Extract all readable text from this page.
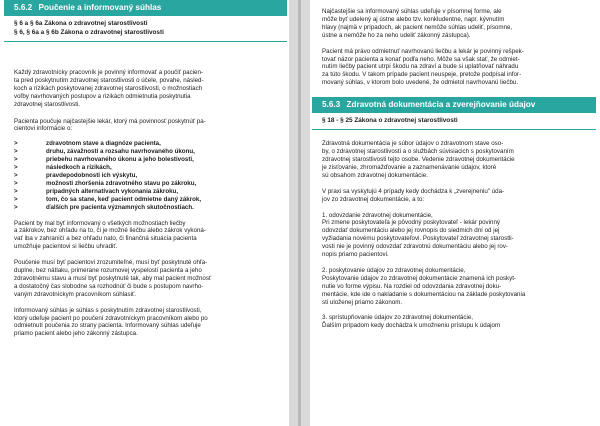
5.6.2 Poučenie a informovaný súhlas
§ 6 a § 6a Zákona o zdravotnej starostlivosti
§ 6, § 6a a § 6b Zákona o zdravotnej starostlivosti
Každý zdravotnícky pracovník je povinný informovať a poučiť pacien-
ta pred poskytnutím zdravotnej starostlivosti o účele, povahe, násled-
koch a rizikách poskytovanej zdravotnej starostlivosti, o možnostiach
voľby navrhovaných postupov a rizikách odmietnutia poskytnutia
zdravotnej starostlivosti.
Pacienta poučuje najčastejšie lekár, ktorý má povinnosť poskytnúť pa-
cientovi informácie o:
>	zdravotnom stave a diagnóze pacienta,
>	druhu, závažnosti a rozsahu navrhovaného úkonu,
>	priebehu navrhovaného úkonu a jeho bolestivosti,
>	následkoch a rizikách,
>	pravdepodobnosti ich výskytu,
>	možnosti zhoršenia zdravotného stavu po zákroku,
>	prípadných alternatívach vykonania zákroku,
>	tom, čo sa stane, keď pacient odmietne daný zákrok,
>	ďalších pre pacienta významných skutočnostiach.
Pacient by mal byť informovaný o všetkých možnostiach liečby
a zákrokov, bez ohľadu na to, či je možné liečbu alebo zákrok vykoná-
vať iba v zahraničí a bez ohľadu nato, či finančná situácia pacienta
umožňuje pacientovi si liečbu uhradiť.
Poučenie musí byť pacientovi zrozumiteľné, musí byť poskytnuté ohľa-
duplne, bez nátlaku, primerane rozumovej vyspelosti pacienta a jeho
zdravotnému stavu a musí byť poskytnuté tak, aby mal pacient možnosť
a dostatočný čas slobodne sa rozhodnúť či bude s postupom navrho-
vaným zdravotníckym pracovníkom súhlasiť.
Informovaný súhlas je súhlas s poskytnutím zdravotnej starostlivosti,
ktorý udeľuje pacient po poučení zdravotníckym pracovníkom alebo po
odmietnutí poučenia zo strany pacienta. Informovaný súhlas udeľuje
priamo pacient alebo jeho zákonný zástupca.
Najčastejšie sa informovaný súhlas udeľuje v písomnej forme, ale
môže byť udelený aj ústne alebo tzv. konkludentne, napr. kývnutím
hlavy (najmä v prípadoch, ak pacient nemôže súhlas udeliť, písomne,
ústne a nemôže ho za neho udeliť zákonný zástupca).
Pacient má právo odmietnuť navrhovanú liečbu a lekár je povinný rešpek-
tovať názor pacienta a konať podľa neho. Môže sa však stať, že odmiet-
nutím liečby pacient utrpí škodu na zdraví a bude si uplatňovať náhradu
za túto škodu. V takom prípade pacient neuspeje, pretože podpísal infor-
movaný súhlas, v ktorom bolo uvedené, že odmietol navrhovanú liečbu.
5.6.3 Zdravotná dokumentácia a zverejňovanie údajov
§ 18 - § 25 Zákona o zdravotnej starostlivosti
Zdravotná dokumentácia je súbor údajov o zdravotnom stave oso-
by, o zdravotnej starostlivosti a o službách súvisiacich s poskytovaním
zdravotnej starostlivosti tejto osobe. Vedenie zdravotnej dokumentácie
je zisťovanie, zhromažďovanie a zaznamenávanie údajov, ktoré
sú obsahom zdravotnej dokumentácie.
V praxi sa vyskytujú 4 prípady kedy dochádza k „zverejneniu" úda-
jov zo zdravotnej dokumentácie, a to:
1. odovzdanie zdravotnej dokumentácie,
Pri zmene poskytovateľa je pôvodný poskytovateľ - lekár povinný
odovzdať dokumentáciu alebo jej rovnopis do siedmich dní od jej
vyžiadania novému poskytovateľovi. Poskytovateľ zdravotnej starostli-
vosti nie je povinný odovzdať zdravotnú dokumentáciu alebo jej rov-
nopis priamo pacientovi.
2. poskytovanie údajov zo zdravotnej dokumentácie,
Poskytovanie údajov zo zdravotnej dokumentácie znamená ich poskyt-
nutie vo forme výpisu. Na rozdiel od odovzdania zdravotnej doku-
mentácie, kde ide o nakladanie s dokumentáciou na základe poskytovania
sti uloženej priamo zákonom.
3. sprístupňovanie údajov zo zdravotnej dokumentácie,
Ďalším prípadom kedy dochádza k umožneniu prístupu k údajom
